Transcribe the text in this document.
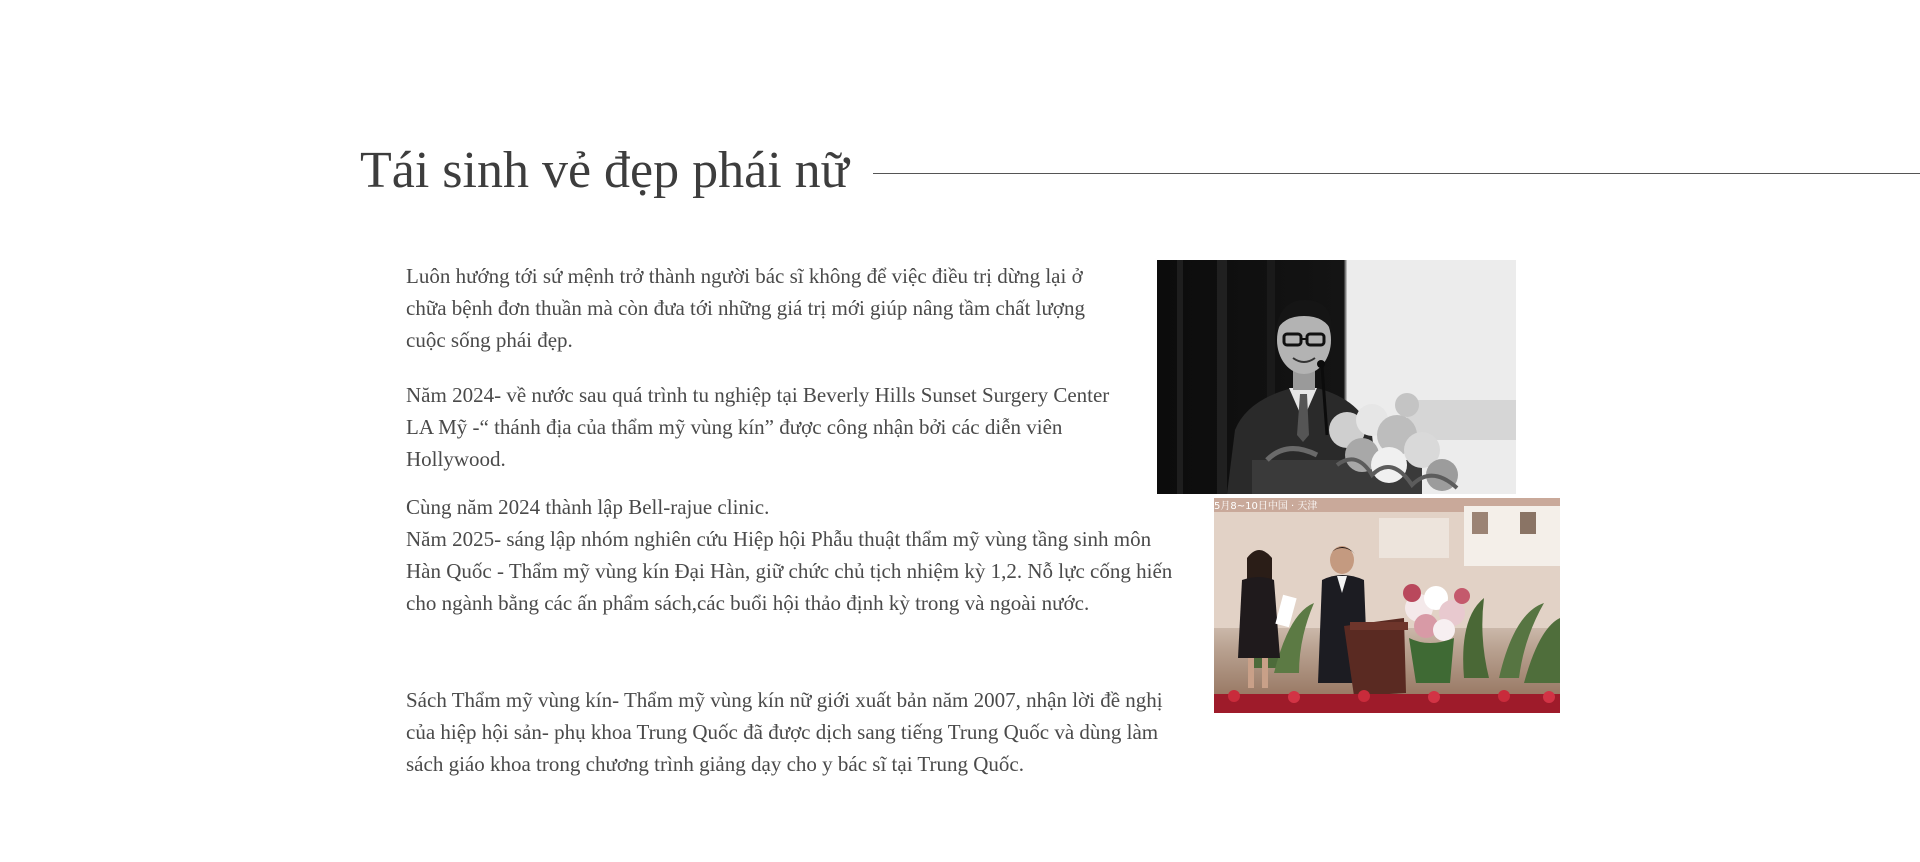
Tái sinh vẻ đẹp phái nữ

Luôn hướng tới sứ mệnh trở thành người bác sĩ không để việc điều trị dừng lại ở chữa bệnh đơn thuần mà còn đưa tới những giá trị mới giúp nâng tầm chất lượng cuộc sống phái đẹp.

Năm 2024- về nước sau quá trình tu nghiệp tại Beverly Hills Sunset Surgery Center LA Mỹ -“ thánh địa của thẩm mỹ vùng kín” được công nhận bởi các diễn viên Hollywood.

Cùng năm 2024 thành lập Bell-rajue clinic.

Năm 2025- sáng lập nhóm nghiên cứu Hiệp hội Phẫu thuật thẩm mỹ vùng tầng sinh môn Hàn Quốc - Thẩm mỹ vùng kín Đại Hàn, giữ chức chủ tịch nhiệm kỳ 1,2. Nỗ lực cống hiến cho ngành bằng các ấn phẩm sách,các buổi hội thảo định kỳ trong và ngoài nước.

Sách Thẩm mỹ vùng kín- Thẩm mỹ vùng kín nữ giới xuất bản năm 2007, nhận lời đề nghị của hiệp hội sản- phụ khoa Trung Quốc đã được dịch sang tiếng Trung Quốc và dùng làm sách giáo khoa trong chương trình giảng dạy cho y bác sĩ tại Trung Quốc.

5月8~10日中国 · 天津
